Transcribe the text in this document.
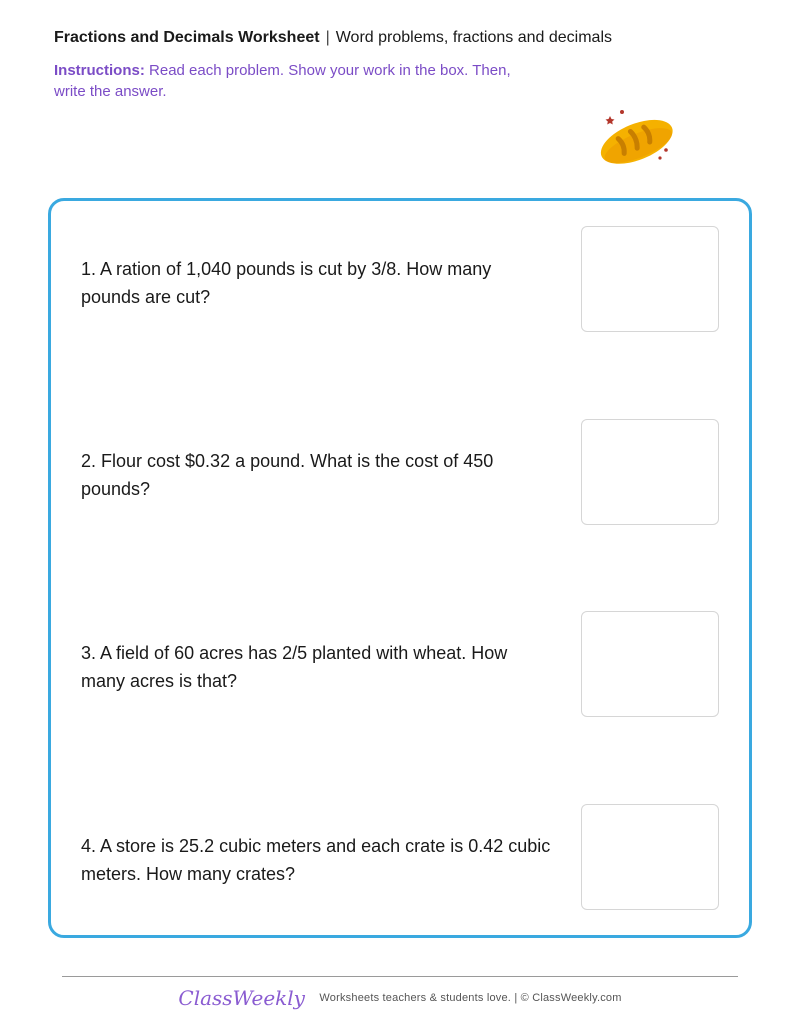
Fractions and Decimals Worksheet | Word problems, fractions and decimals
Instructions: Read each problem. Show your work in the box. Then, write the answer.
1. A ration of 1,040 pounds is cut by 3/8. How many pounds are cut?
2. Flour cost $0.32 a pound. What is the cost of 450 pounds?
3. A field of 60 acres has 2/5 planted with wheat. How many acres is that?
4. A store is 25.2 cubic meters and each crate is 0.42 cubic meters. How many crates?
ClassWeekly Worksheets teachers & students love. | © ClassWeekly.com
